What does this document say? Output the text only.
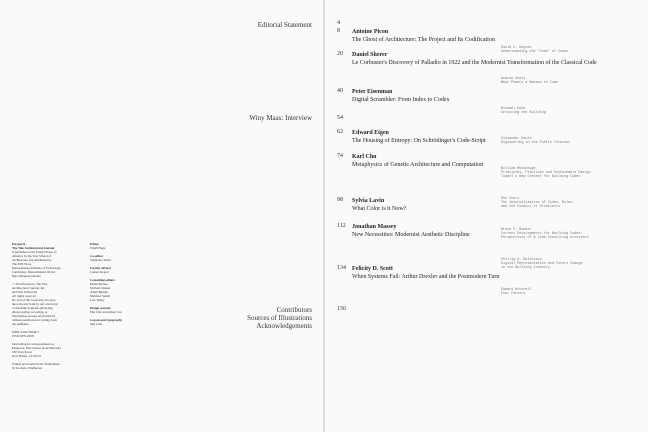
Editorial Statement
Winy Maas: Interview
Contributors
Sources of Illustrations
Acknowledgements
Perspecta
The Yale Architectural Journal
is published in the United States of
America by the Yale School of
Architecture and distributed by
The MIT Press
Massachusetts Institute of Technology
Cambridge, Massachusetts 02142
http://mitpress.mit.edu
© 2014 Perspecta, The Yale
Architectural Journal, Inc.
and Yale University
All rights reserved
No part of this book may be repro-
duced in any form by any electronic
or mechanical means (including
photocopying, recording, or
information storage and retrieval)
without permission in writing from
the publisher.
ISBN 0-262-58349-7
ISSN 0079-0958
Send editorial correspondence to:
Perspecta, Yale School of Architecture
180 York Street
New Haven, CT 06511
Printed and bound in the Netherlands
by Lecturis, Eindhoven
Editor
Elijah Huge
Co-editor
Stephanie Tuerk
Faculty advisor
Lauren Kogod
Consulting editors
Rhoul Moneu
Michael Osman
Adam Baesky
Matthew Seidel
Lisa Tilney
Design concept
Mia Choi and Albert Lee
Layout and typography
Mia Choi
4
8
20
40
54
62
74
98
112
134
156
Antoine Picon
The Ghost of Architecture: The Project and Its Codification
Daniel Sherer
Le Corbusier's Discovery of Palladio in 1922 and the Modernist Transformation of the Classical Code
Peter Eisenman
Digital Scrambler: From Index to Codex
Edward Eigen
The Housing of Entropy: On Schrödinger's Code-Script
Karl Chu
Metaphysics of Genetic Architecture and Computation
Sylvia Lavin
What Color is it Now?
Jonathan Massey
New Necessities: Modernist Aesthetic Discipline
Felicity D. Scott
When Systems Fail: Arthur Drexler and the Postmodern Turn
David G. Haynes
Understanding the "Code" of Codes
Andrew Goetz
What Powers a Reason to Code
Michael Kubo
Archiving the Building
Alexander Davis
Engineering in the Public Interest
William McDonough
Principles, Practices and Sustainable Design -
Toward a New Context for Building Codes
Ron Ivers
The Internalization of Codes, Rules,
and the Conduct of Architects
Bruce C. Bowser
Current Developments for Building Codes:
Perspectives of a Code-Consulting Architect
Phillip G. Bernstein
Digital Representation and Future Change
in the Building Industry
Edward Mitchell
Four Factors
